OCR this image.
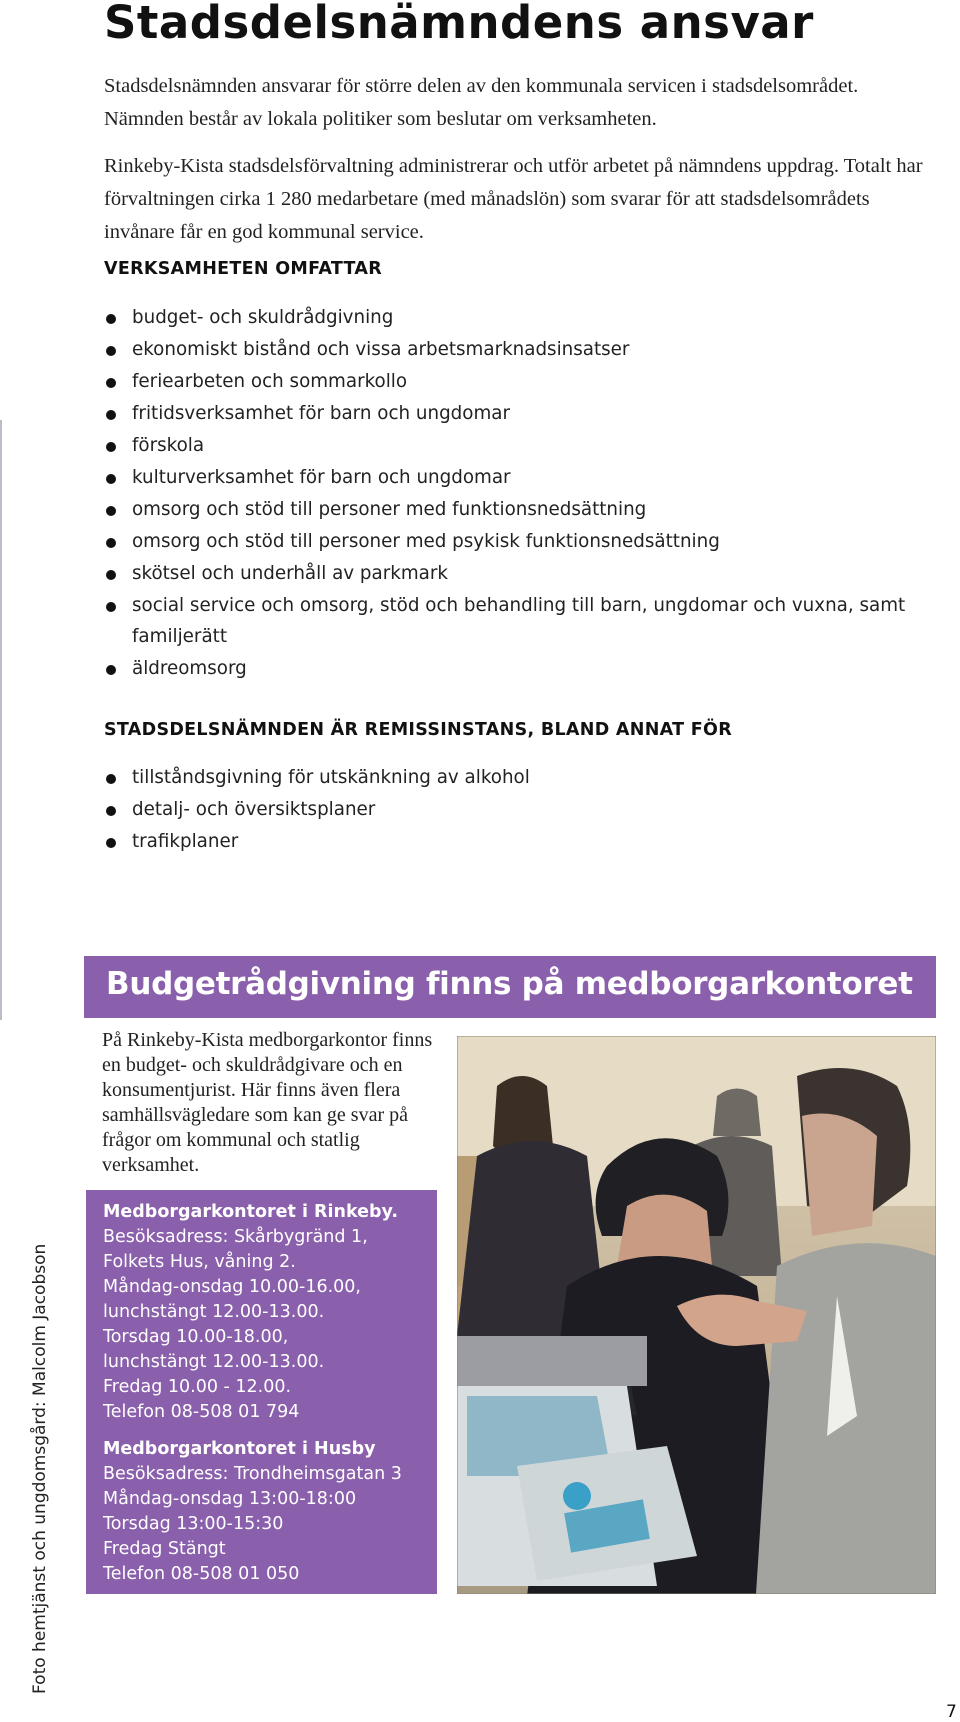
Stadsdelsnämndens ansvar

Stadsdelsnämnden ansvarar för större delen av den kommunala servicen i stadsdelsområdet. Nämnden består av lokala politiker som beslutar om verksamheten.

Rinkeby-Kista stadsdelsförvaltning administrerar och utför arbetet på nämndens uppdrag. Totalt har förvaltningen cirka 1 280 medarbetare (med månadslön) som svarar för att stadsdelsområdets invånare får en god kommunal service.

VERKSAMHETEN OMFATTAR
budget- och skuldrådgivning
ekonomiskt bistånd och vissa arbetsmarknadsinsatser
feriearbeten och sommarkollo
fritidsverksamhet för barn och ungdomar
förskola
kulturverksamhet för barn och ungdomar
omsorg och stöd till personer med funktionsnedsättning
omsorg och stöd till personer med psykisk funktionsnedsättning
skötsel och underhåll av parkmark
social service och omsorg, stöd och behandling till barn, ungdomar och vuxna, samt familjerätt
äldreomsorg
STADSDELSNÄMNDEN ÄR REMISSINSTANS, BLAND ANNAT FÖR
tillståndsgivning för utskänkning av alkohol
detalj- och översiktsplaner
trafikplaner
Budgetrådgivning finns på medborgarkontoret

På Rinkeby-Kista medborgarkontor finns en budget- och skuldrådgivare och en konsumentjurist. Här finns även flera samhällsvägledare som kan ge svar på frågor om kommunal och statlig verksamhet.

Medborgarkontoret i Rinkeby.
Besöksadress: Skårbygränd 1,
Folkets Hus, våning 2.
Måndag-onsdag 10.00-16.00,
lunchstängt 12.00-13.00.
Torsdag 10.00-18.00,
lunchstängt 12.00-13.00.
Fredag 10.00 - 12.00.
Telefon 08-508 01 794
Medborgarkontoret i Husby
Besöksadress: Trondheimsgatan 3
Måndag-onsdag 13:00-18:00
Torsdag 13:00-15:30
Fredag Stängt
Telefon 08-508 01 050

Foto hemtjänst och ungdomsgård: Malcolm Jacobson

7
